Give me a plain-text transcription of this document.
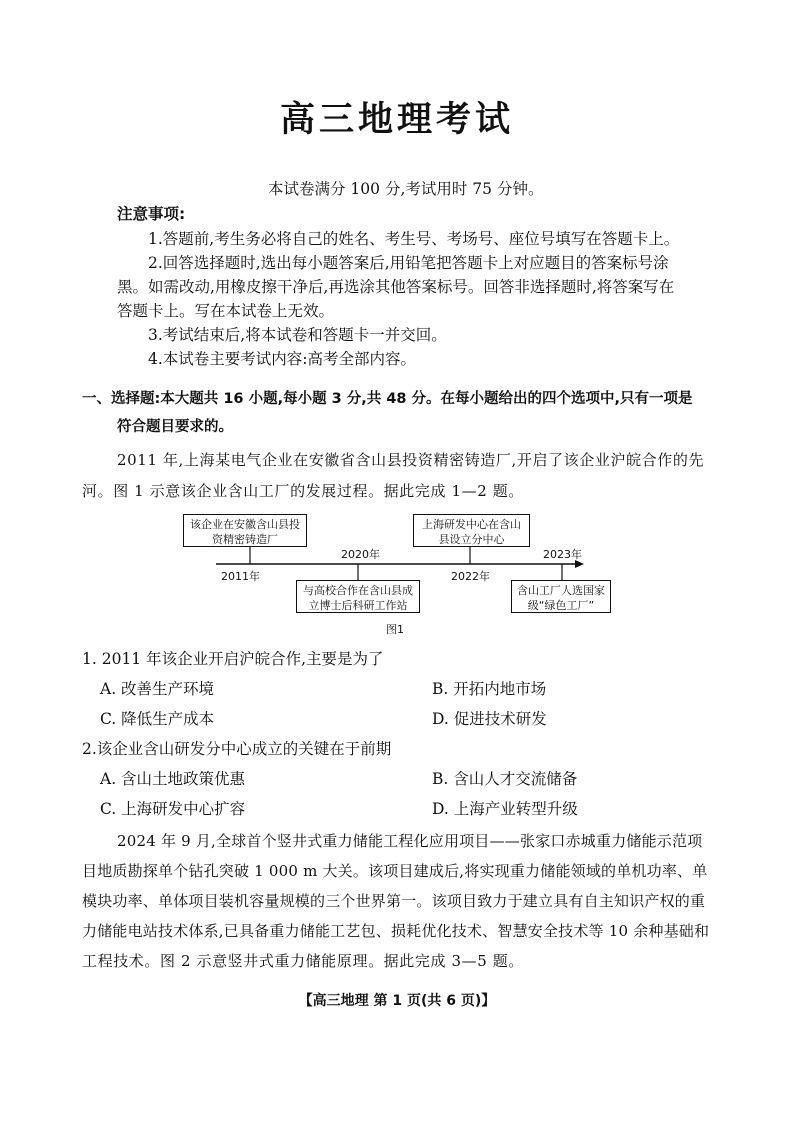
高三地理考试
本试卷满分 100 分,考试用时 75 分钟。
注意事项:
1.答题前,考生务必将自己的姓名、考生号、考场号、座位号填写在答题卡上。
2.回答选择题时,选出每小题答案后,用铅笔把答题卡上对应题目的答案标号涂
黑。如需改动,用橡皮擦干净后,再选涂其他答案标号。回答非选择题时,将答案写在
答题卡上。写在本试卷上无效。
3.考试结束后,将本试卷和答题卡一并交回。
4.本试卷主要考试内容:高考全部内容。
一、选择题:本大题共 16 小题,每小题 3 分,共 48 分。在每小题给出的四个选项中,只有一项是
符合题目要求的。
2011 年,上海某电气企业在安徽省含山县投资精密铸造厂,开启了该企业沪皖合作的先
河。图 1 示意该企业含山工厂的发展过程。据此完成 1—2 题。
该企业在安徽含山县投资精密铸造厂
与高校合作在含山县成立博士后科研工作站
上海研发中心在含山县设立分中心
含山工厂人选国家级“绿色工厂”
2011年
2020年
2022年
2023年
图1
1. 2011 年该企业开启沪皖合作,主要是为了
A. 改善生产环境	B. 开拓内地市场
C. 降低生产成本	D. 促进技术研发
2.该企业含山研发分中心成立的关键在于前期
A. 含山土地政策优惠	B. 含山人才交流储备
C. 上海研发中心扩容	D. 上海产业转型升级
2024 年 9 月,全球首个竖井式重力储能工程化应用项目——张家口赤城重力储能示范项
目地质勘探单个钻孔突破 1 000 m 大关。该项目建成后,将实现重力储能领域的单机功率、单
模块功率、单体项目装机容量规模的三个世界第一。该项目致力于建立具有自主知识产权的重
力储能电站技术体系,已具备重力储能工艺包、损耗优化技术、智慧安全技术等 10 余种基础和
工程技术。图 2 示意竖井式重力储能原理。据此完成 3—5 题。
【高三地理 第 1 页(共 6 页)】
